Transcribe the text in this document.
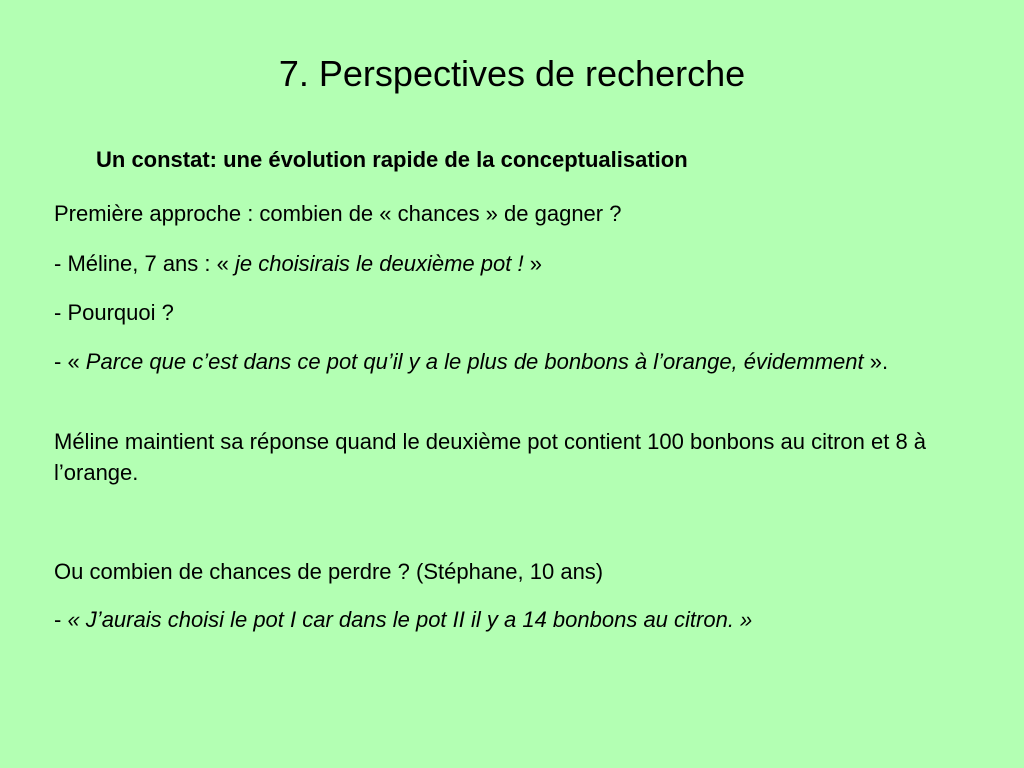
7. Perspectives de recherche
Un constat: une évolution rapide de la conceptualisation
Première approche : combien de « chances » de gagner ?
- Méline, 7 ans : « je choisirais le deuxième pot ! »
- Pourquoi ?
- « Parce que c’est dans ce pot qu’il y a le plus de bonbons à l’orange, évidemment ».
Méline maintient sa réponse quand le deuxième pot contient 100 bonbons au citron et 8 à l’orange.
Ou combien de chances de perdre ? (Stéphane, 10 ans)
- « J’aurais choisi le pot I car dans le pot II il y a 14 bonbons au citron. »
